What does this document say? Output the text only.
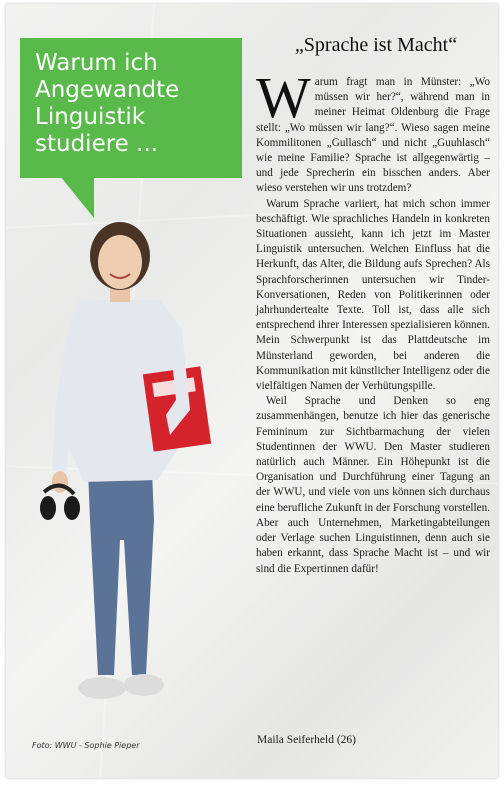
Warum ich
Angewandte
Linguistik
studiere ...
Foto: WWU - Sophie Pieper
„Sprache ist Macht“

Warum fragt man in Münster: „Wo müssen wir her?“, während man in meiner Heimat Oldenburg die Frage stellt: „Wo müssen wir lang?“. Wieso sagen meine Kommilitonen „Gullasch“ und nicht „Guuhlasch“ wie meine Familie? Sprache ist allgegenwärtig – und jede Sprecherin ein bisschen anders. Aber wieso verstehen wir uns trotzdem?

Warum Sprache variiert, hat mich schon immer beschäftigt. Wie sprachliches Handeln in konkreten Situationen aussieht, kann ich jetzt im Master Linguistik untersuchen. Welchen Einfluss hat die Herkunft, das Alter, die Bildung aufs Sprechen? Als Sprachforscherinnen untersuchen wir Tinder-Konversationen, Reden von Politikerinnen oder jahrhundertealte Texte. Toll ist, dass alle sich entsprechend ihrer Interessen spezialisieren können. Mein Schwerpunkt ist das Plattdeutsche im Münsterland geworden, bei anderen die Kommunikation mit künstlicher Intelligenz oder die vielfältigen Namen der Verhütungspille.

Weil Sprache und Denken so eng zusammenhängen, benutze ich hier das generische Femininum zur Sichtbarmachung der vielen Studentinnen der WWU. Den Master studieren natürlich auch Männer. Ein Höhepunkt ist die Organisation und Durchführung einer Tagung an der WWU, und viele von uns können sich durchaus eine berufliche Zukunft in der Forschung vorstellen. Aber auch Unternehmen, Marketingabteilungen oder Verlage suchen Linguistinnen, denn auch sie haben erkannt, dass Sprache Macht ist – und wir sind die Expertinnen dafür!

Maila Seiferheld (26)
